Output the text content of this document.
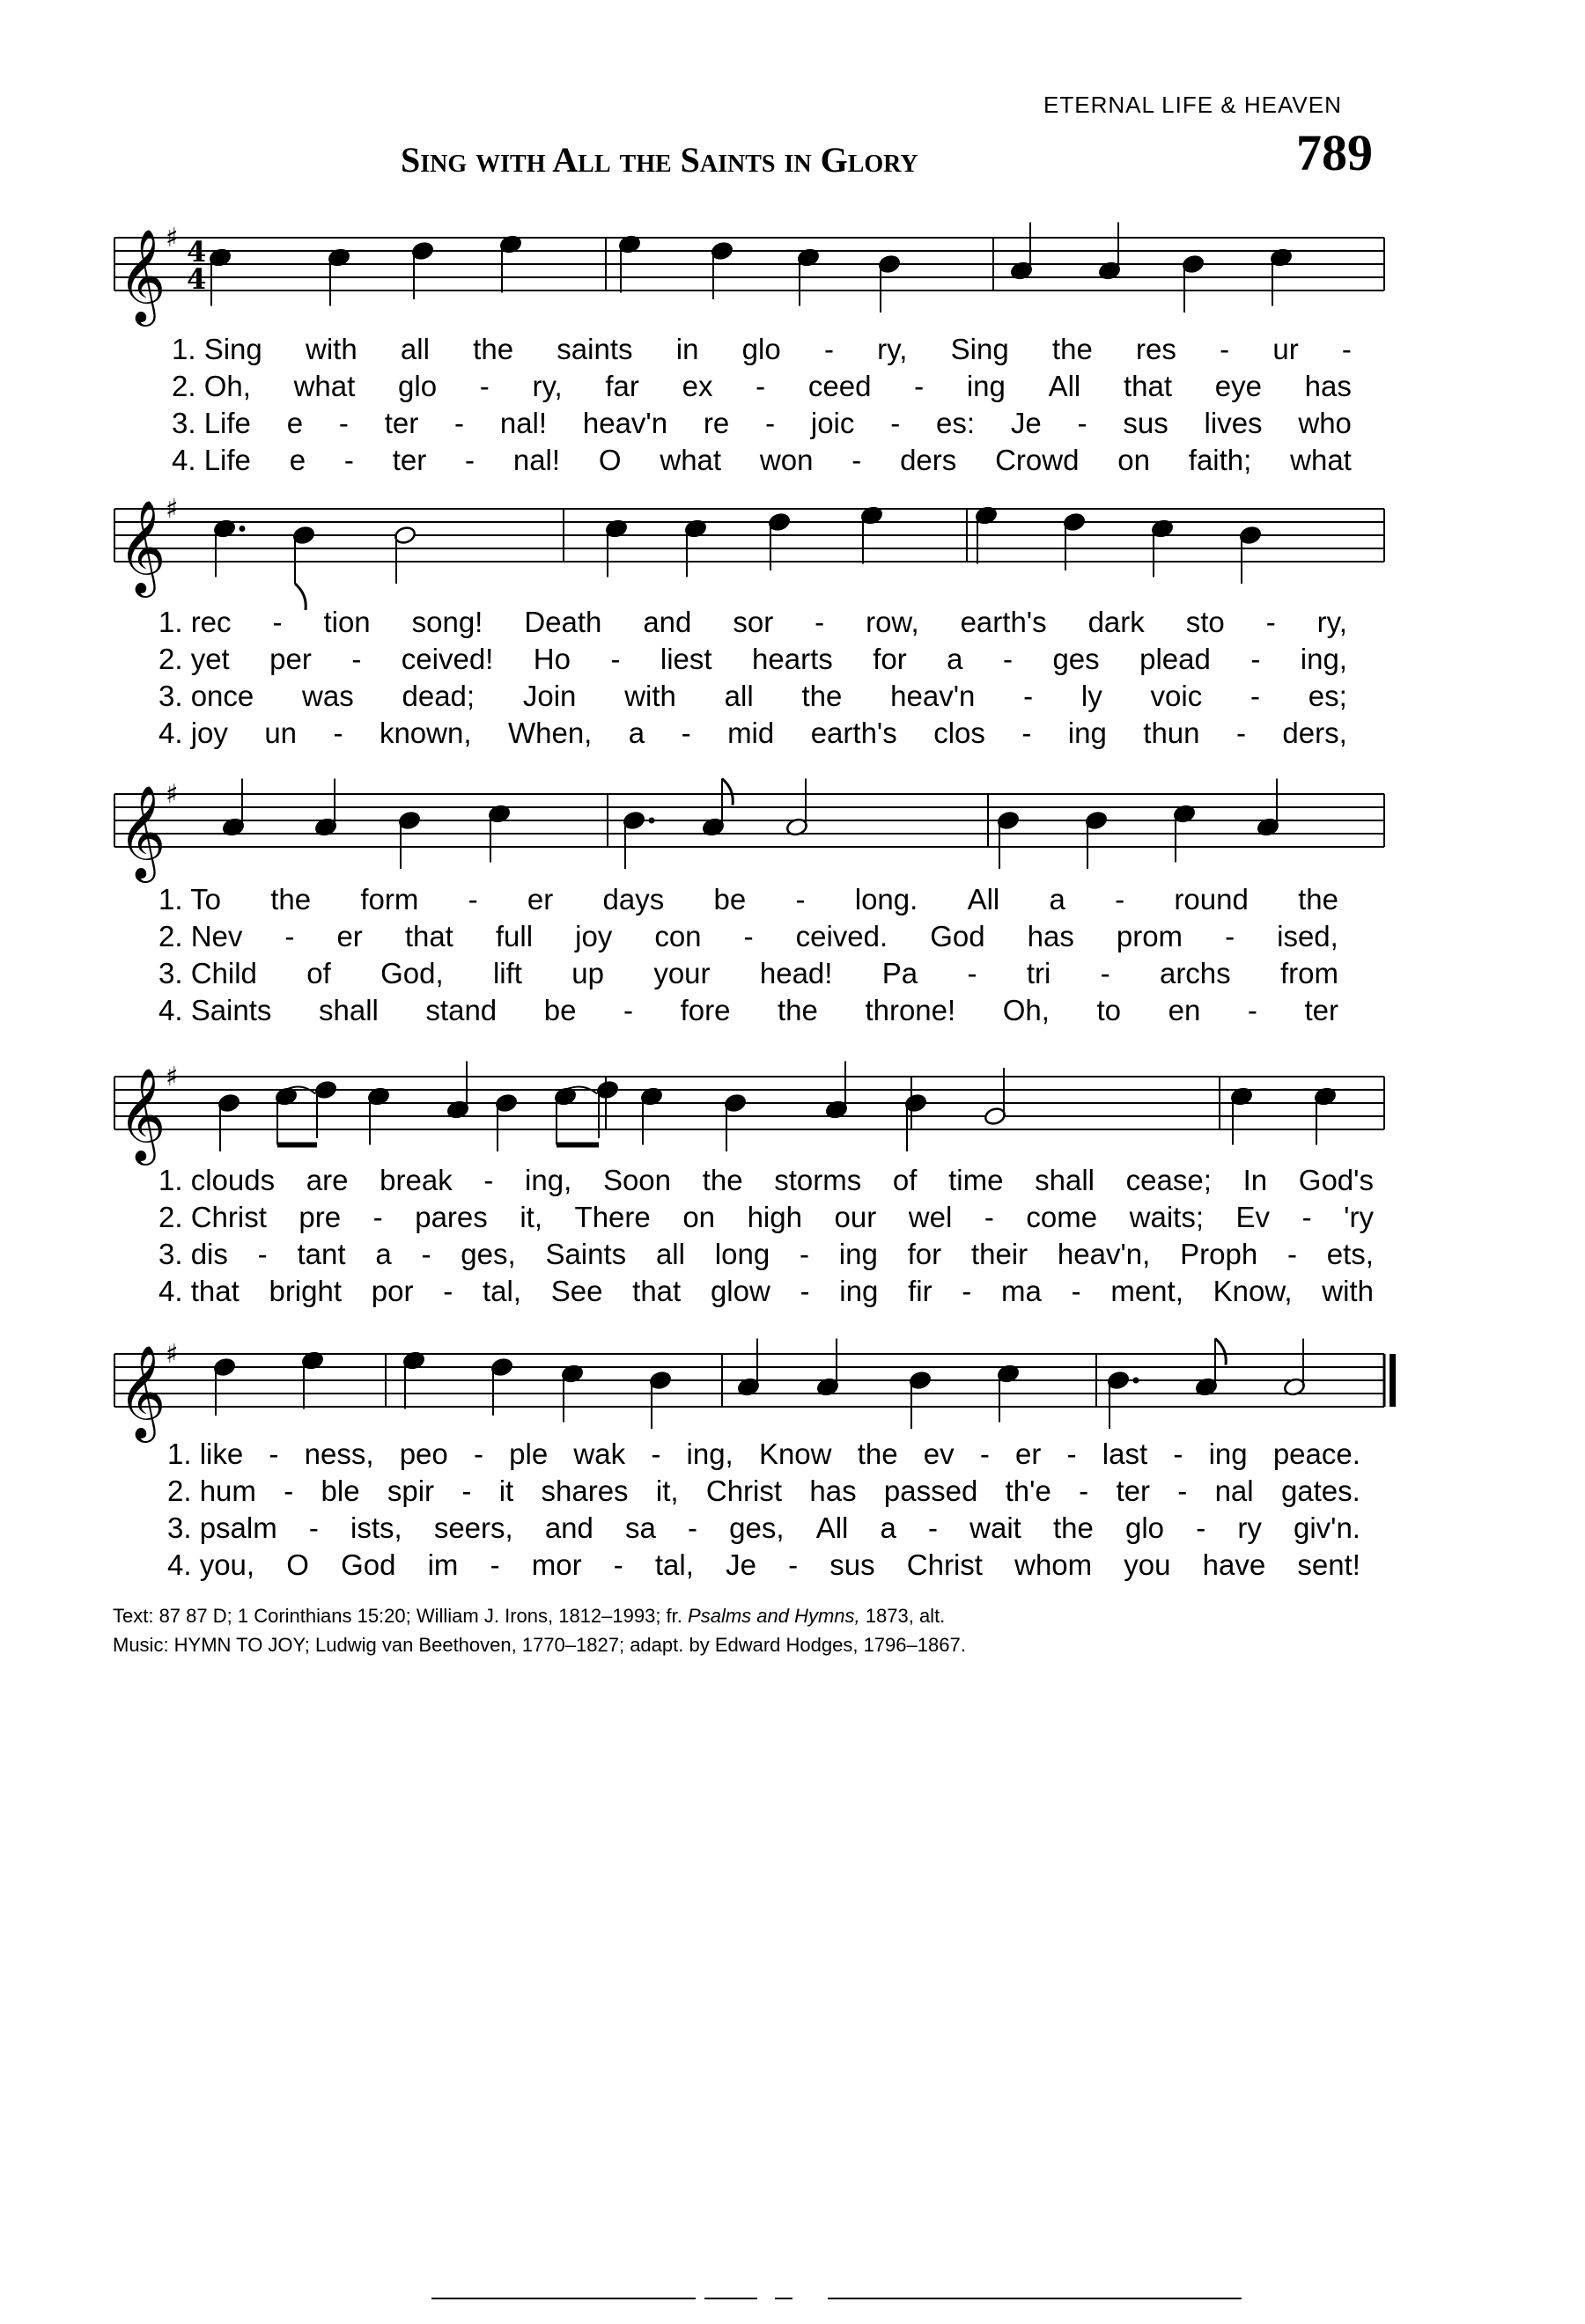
ETERNAL LIFE & HEAVEN
Sing with All the Saints in Glory	789
𝄞 ♯ 4
4
𝄞 ♯
𝄞 ♯
𝄞 ♯
𝄞 ♯
1. Sing with all the saints in glo - ry, Sing the res - ur -
2. Oh, what glo - ry, far ex - ceed - ing All that eye has
3. Life e - ter - nal! heav'n re - joic - es: Je - sus lives who
4. Life e - ter - nal! O what won - ders Crowd on faith; what
1. rec - tion song! Death and sor - row, earth's dark sto - ry,
2. yet per - ceived! Ho - liest hearts for a - ges plead - ing,
3. once was dead; Join with all the heav'n - ly voic - es;
4. joy un - known, When, a - mid earth's clos - ing thun - ders,
1. To the form - er days be - long. All a - round the
2. Nev - er that full joy con - ceived. God has prom - ised,
3. Child of God, lift up your head! Pa - tri - archs from
4. Saints shall stand be - fore the throne! Oh, to en - ter
1. clouds are break - ing, Soon the storms of time shall cease; In God's
2. Christ pre - pares it, There on high our wel - come waits; Ev - 'ry
3. dis - tant a - ges, Saints all long - ing for their heav'n, Proph - ets,
4. that bright por - tal, See that glow - ing fir - ma - ment, Know, with
1. like - ness, peo - ple wak - ing, Know the ev - er - last - ing peace.
2. hum - ble spir - it shares it, Christ has passed th'e - ter - nal gates.
3. psalm - ists, seers, and sa - ges, All a - wait the glo - ry giv'n.
4. you, O God im - mor - tal, Je - sus Christ whom you have sent!
Text: 87 87 D; 1 Corinthians 15:20; William J. Irons, 1812–1993; fr. Psalms and Hymns, 1873, alt.
Music: HYMN TO JOY; Ludwig van Beethoven, 1770–1827; adapt. by Edward Hodges, 1796–1867.
